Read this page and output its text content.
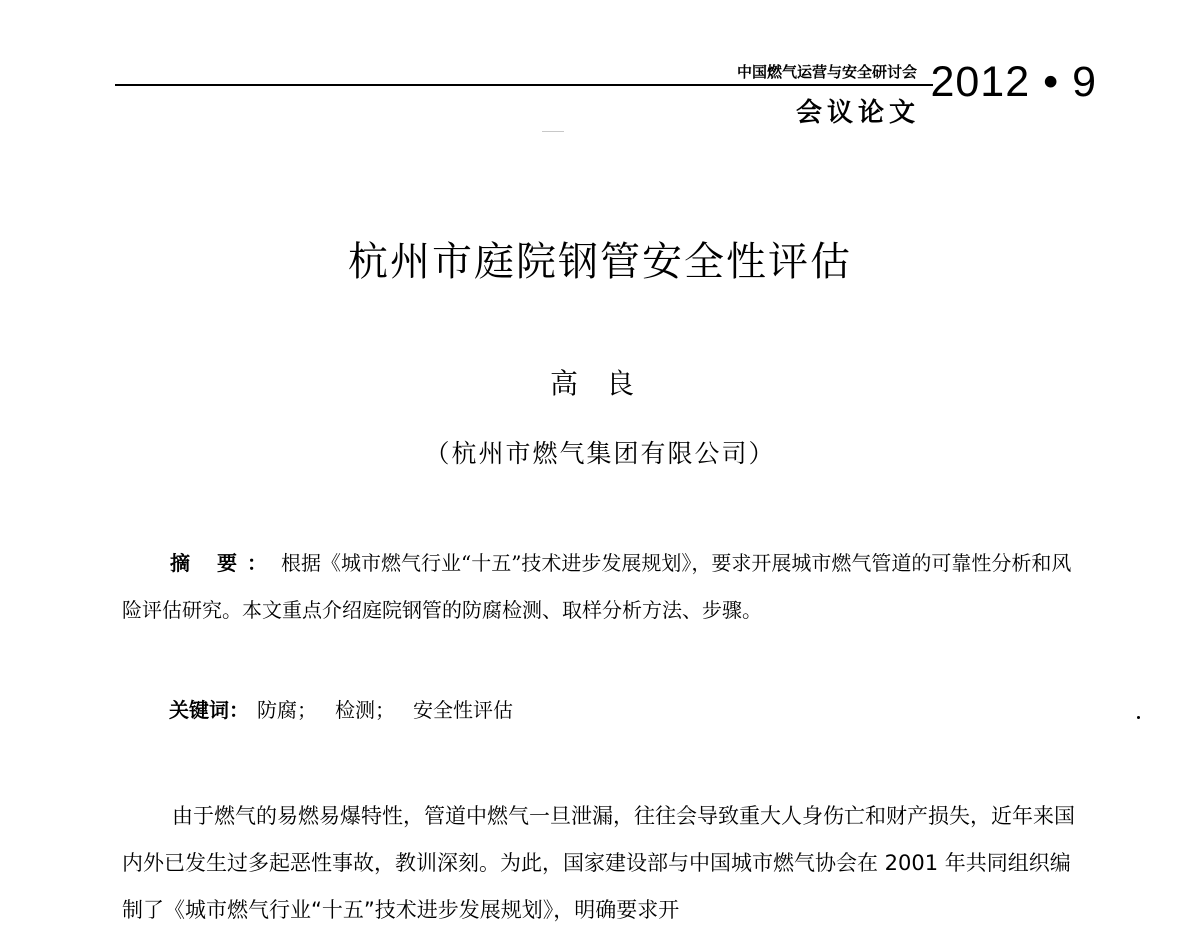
中国燃气运营与安全研讨会
会议论文
2012 • 9
杭州市庭院钢管安全性评估
高良
（杭州市燃气集团有限公司）

摘 要： 根据《城市燃气行业“十五”技术进步发展规划》，要求开展城市燃气管道的可靠性分析和风险评估研究。本文重点介绍庭院钢管的防腐检测、取样分析方法、步骤。

关键词： 防腐； 检测； 安全性评估

由于燃气的易燃易爆特性，管道中燃气一旦泄漏，往往会导致重大人身伤亡和财产损失，近年来国内外已发生过多起恶性事故，教训深刻。为此，国家建设部与中国城市燃气协会在 2001 年共同组织编制了《城市燃气行业“十五”技术进步发展规划》，明确要求开
